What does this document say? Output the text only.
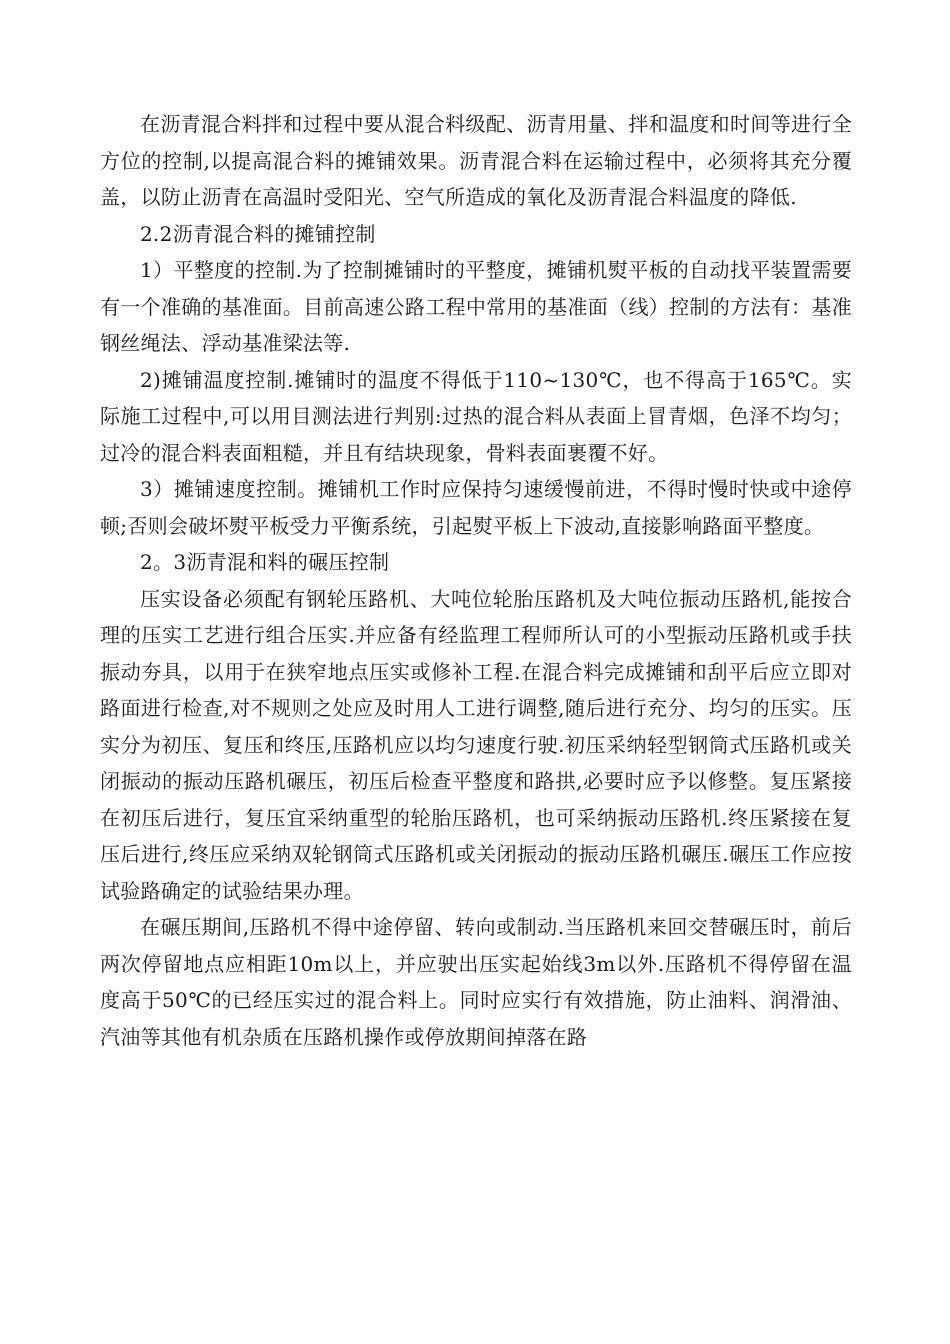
在沥青混合料拌和过程中要从混合料级配、沥青用量、拌和温度和时间等进行全方位的控制,以提高混合料的摊铺效果。沥青混合料在运输过程中，必须将其充分覆盖，以防止沥青在高温时受阳光、空气所造成的氧化及沥青混合料温度的降低.

2.2沥青混合料的摊铺控制

1）平整度的控制.为了控制摊铺时的平整度，摊铺机熨平板的自动找平装置需要有一个准确的基准面。目前高速公路工程中常用的基准面（线）控制的方法有：基准钢丝绳法、浮动基准梁法等.

2)摊铺温度控制.摊铺时的温度不得低于110~130℃，也不得高于165℃。实际施工过程中,可以用目测法进行判别:过热的混合料从表面上冒青烟，色泽不均匀；过冷的混合料表面粗糙，并且有结块现象，骨料表面裹覆不好。

3）摊铺速度控制。摊铺机工作时应保持匀速缓慢前进，不得时慢时快或中途停顿;否则会破坏熨平板受力平衡系统，引起熨平板上下波动,直接影响路面平整度。

2。3沥青混和料的碾压控制

压实设备必须配有钢轮压路机、大吨位轮胎压路机及大吨位振动压路机,能按合理的压实工艺进行组合压实.并应备有经监理工程师所认可的小型振动压路机或手扶振动夯具，以用于在狭窄地点压实或修补工程.在混合料完成摊铺和刮平后应立即对路面进行检查,对不规则之处应及时用人工进行调整,随后进行充分、均匀的压实。压实分为初压、复压和终压,压路机应以均匀速度行驶.初压采纳轻型钢筒式压路机或关闭振动的振动压路机碾压，初压后检查平整度和路拱,必要时应予以修整。复压紧接在初压后进行，复压宜采纳重型的轮胎压路机，也可采纳振动压路机.终压紧接在复压后进行,终压应采纳双轮钢筒式压路机或关闭振动的振动压路机碾压.碾压工作应按试验路确定的试验结果办理。

在碾压期间,压路机不得中途停留、转向或制动.当压路机来回交替碾压时，前后两次停留地点应相距10m以上，并应驶出压实起始线3m以外.压路机不得停留在温度高于50℃的已经压实过的混合料上。同时应实行有效措施，防止油料、润滑油、汽油等其他有机杂质在压路机操作或停放期间掉落在路
